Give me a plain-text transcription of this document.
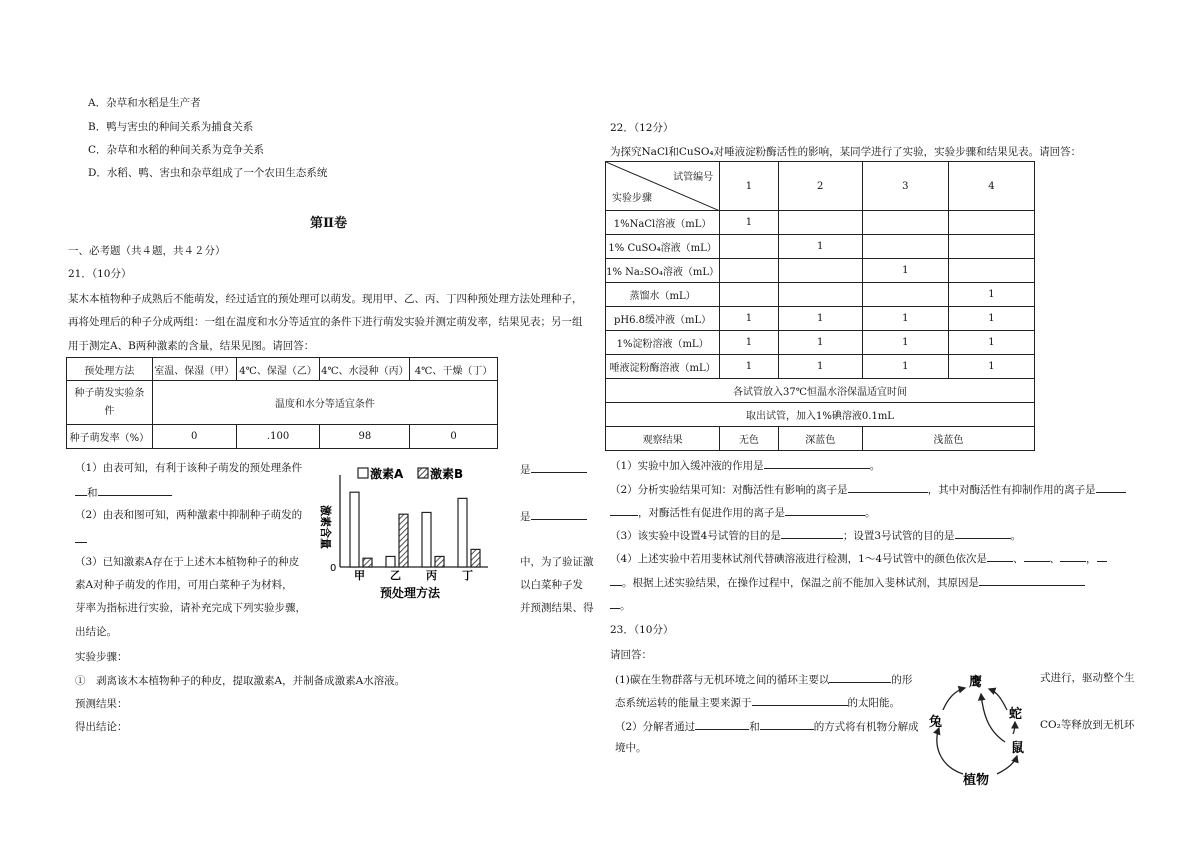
A．杂草和水稻是生产者
B．鸭与害虫的种间关系为捕食关系
C．杂草和水稻的种间关系为竞争关系
D．水稻、鸭、害虫和杂草组成了一个农田生态系统
第Ⅱ卷
一、必考题（共４题，共４２分）
21．（10分）
某木本植物种子成熟后不能萌发，经过适宜的预处理可以萌发。现用甲、乙、丙、丁四种预处理方法处理种子，
再将处理后的种子分成两组：一组在温度和水分等适宜的条件下进行萌发实验并测定萌发率，结果见表；另一组
用于测定A、B两种激素的含量，结果见图。请回答：
预处理方法	室温、保湿（甲）	4℃、保湿（乙）	4℃、水浸种（丙）	4℃、干燥（丁）
种子萌发实验条件	温度和水分等适宜条件			
种子萌发率（%）	0	.100	98	0
（1）由表可知，有利于该种子萌发的预处理条件	是
和
（2）由表和图可知，两种激素中抑制种子萌发的	是
（3）已知激素A存在于上述木本植物种子的种皮	中，为了验证激
素A对种子萌发的作用，可用白菜种子为材料，	以白菜种子发
芽率为指标进行实验，请补充完成下列实验步骤，	并预测结果、得
出结论。
实验步骤：
①　剥离该木本植物种子的种皮，提取激素A，并制备成激素A水溶液。
预测结果：
得出结论：
激素A 激素B
激素含量
0
甲 乙 丙 丁
预处理方法
22．（12分）
为探究NaCl和CuSO₄对唾液淀粉酶活性的影响，某同学进行了实验，实验步骤和结果见表。请回答：
试管编号
实验步骤	1	2	3	4
1%NaCl溶液（mL）	1			
1% CuSO₄溶液（mL）		1		
1% Na₂SO₄溶液（mL）			1	
蒸馏水（mL）				1
pH6.8缓冲液（mL）	1	1	1	1
1%淀粉溶液（mL）	1	1	1	1
唾液淀粉酶溶液（mL）	1	1	1	1
各试管放入37℃恒温水浴保温适宜时间				
取出试管，加入1%碘溶液0.1mL				
观察结果	无色	深蓝色	浅蓝色	
（1）实验中加入缓冲液的作用是	。
（2）分析实验结果可知：对酶活性有影响的离子是	，其中对酶活性有抑制作用的离子是
，对酶活性有促进作用的离子是	。
（3）该实验中设置4号试管的目的是	；设置3号试管的目的是	。
（4）上述实验中若用斐林试剂代替碘溶液进行检测，1～4号试管中的颜色依次是 、 、 ，
。根据上述实验结果，在操作过程中，保温之前不能加入斐林试剂，其原因是
。
23．（10分）
请回答：
(1)碳在生物群落与无机环境之间的循环主要以	的形	式进行，驱动整个生
态系统运转的能量主要来源于	的太阳能。
（2）分解者通过	和	的方式将有机物分解成	CO₂等释放到无机环
境中。
鹰
蛇
兔
鼠
植物
